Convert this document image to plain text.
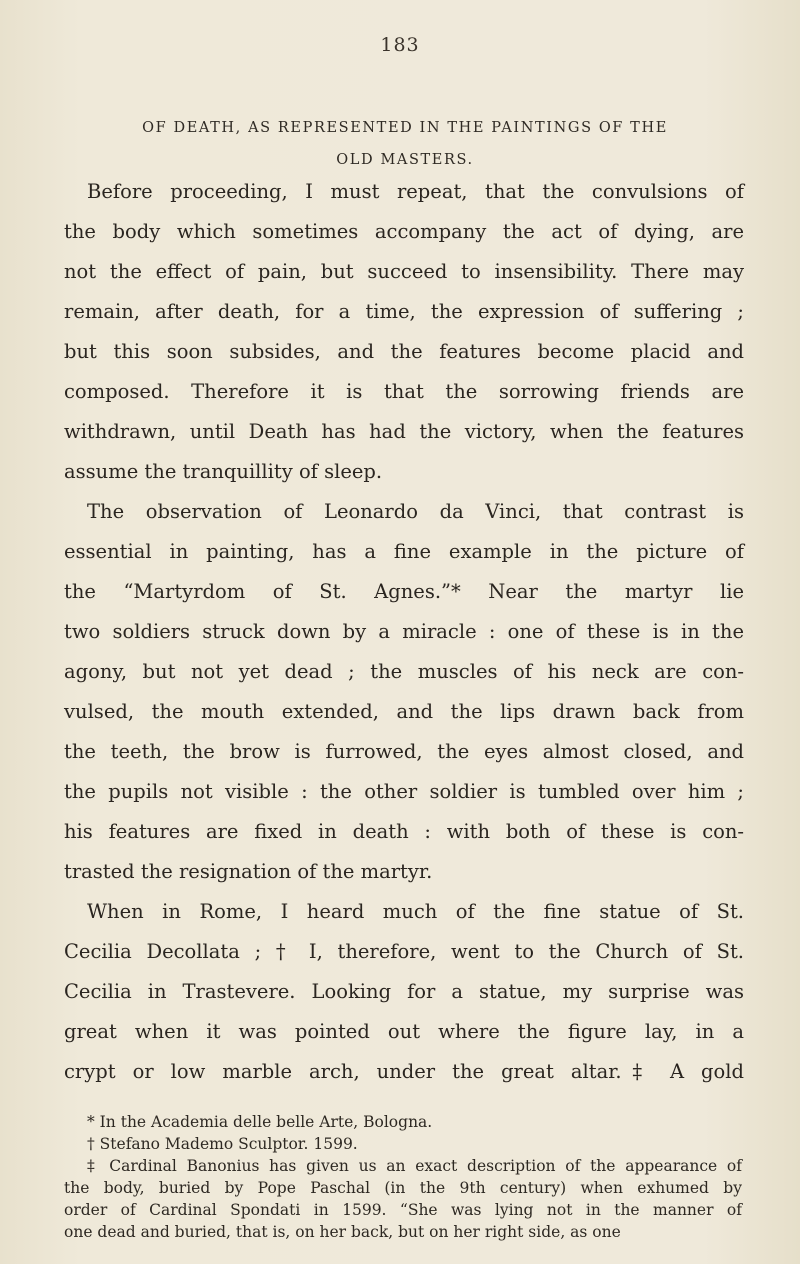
183
OF DEATH, AS REPRESENTED IN THE PAINTINGS OF THE
OLD MASTERS.
Before proceeding, I must repeat, that the convulsions of
the body which sometimes accompany the act of dying, are
not the effect of pain, but succeed to insensibility. There may
remain, after death, for a time, the expression of suffering ;
but this soon subsides, and the features become placid and
composed. Therefore it is that the sorrowing friends are
withdrawn, until Death has had the victory, when the features
assume the tranquillity of sleep.
The observation of Leonardo da Vinci, that contrast is
essential in painting, has a fine example in the picture of
the “Martyrdom of St. Agnes.”* Near the martyr lie
two soldiers struck down by a miracle : one of these is in the
agony, but not yet dead ; the muscles of his neck are con-
vulsed, the mouth extended, and the lips drawn back from
the teeth, the brow is furrowed, the eyes almost closed, and
the pupils not visible : the other soldier is tumbled over him ;
his features are fixed in death : with both of these is con-
trasted the resignation of the martyr.
When in Rome, I heard much of the fine statue of St.
Cecilia Decollata ; † I, therefore, went to the Church of St.
Cecilia in Trastevere. Looking for a statue, my surprise was
great when it was pointed out where the figure lay, in a
crypt or low marble arch, under the great altar.‡ A gold
* In the Academia delle belle Arte, Bologna.
† Stefano Mademo Sculptor. 1599.
‡ Cardinal Banonius has given us an exact description of the appearance of
the body, buried by Pope Paschal (in the 9th century) when exhumed by
order of Cardinal Spondati in 1599. “She was lying not in the manner of
one dead and buried, that is, on her back, but on her right side, as one
